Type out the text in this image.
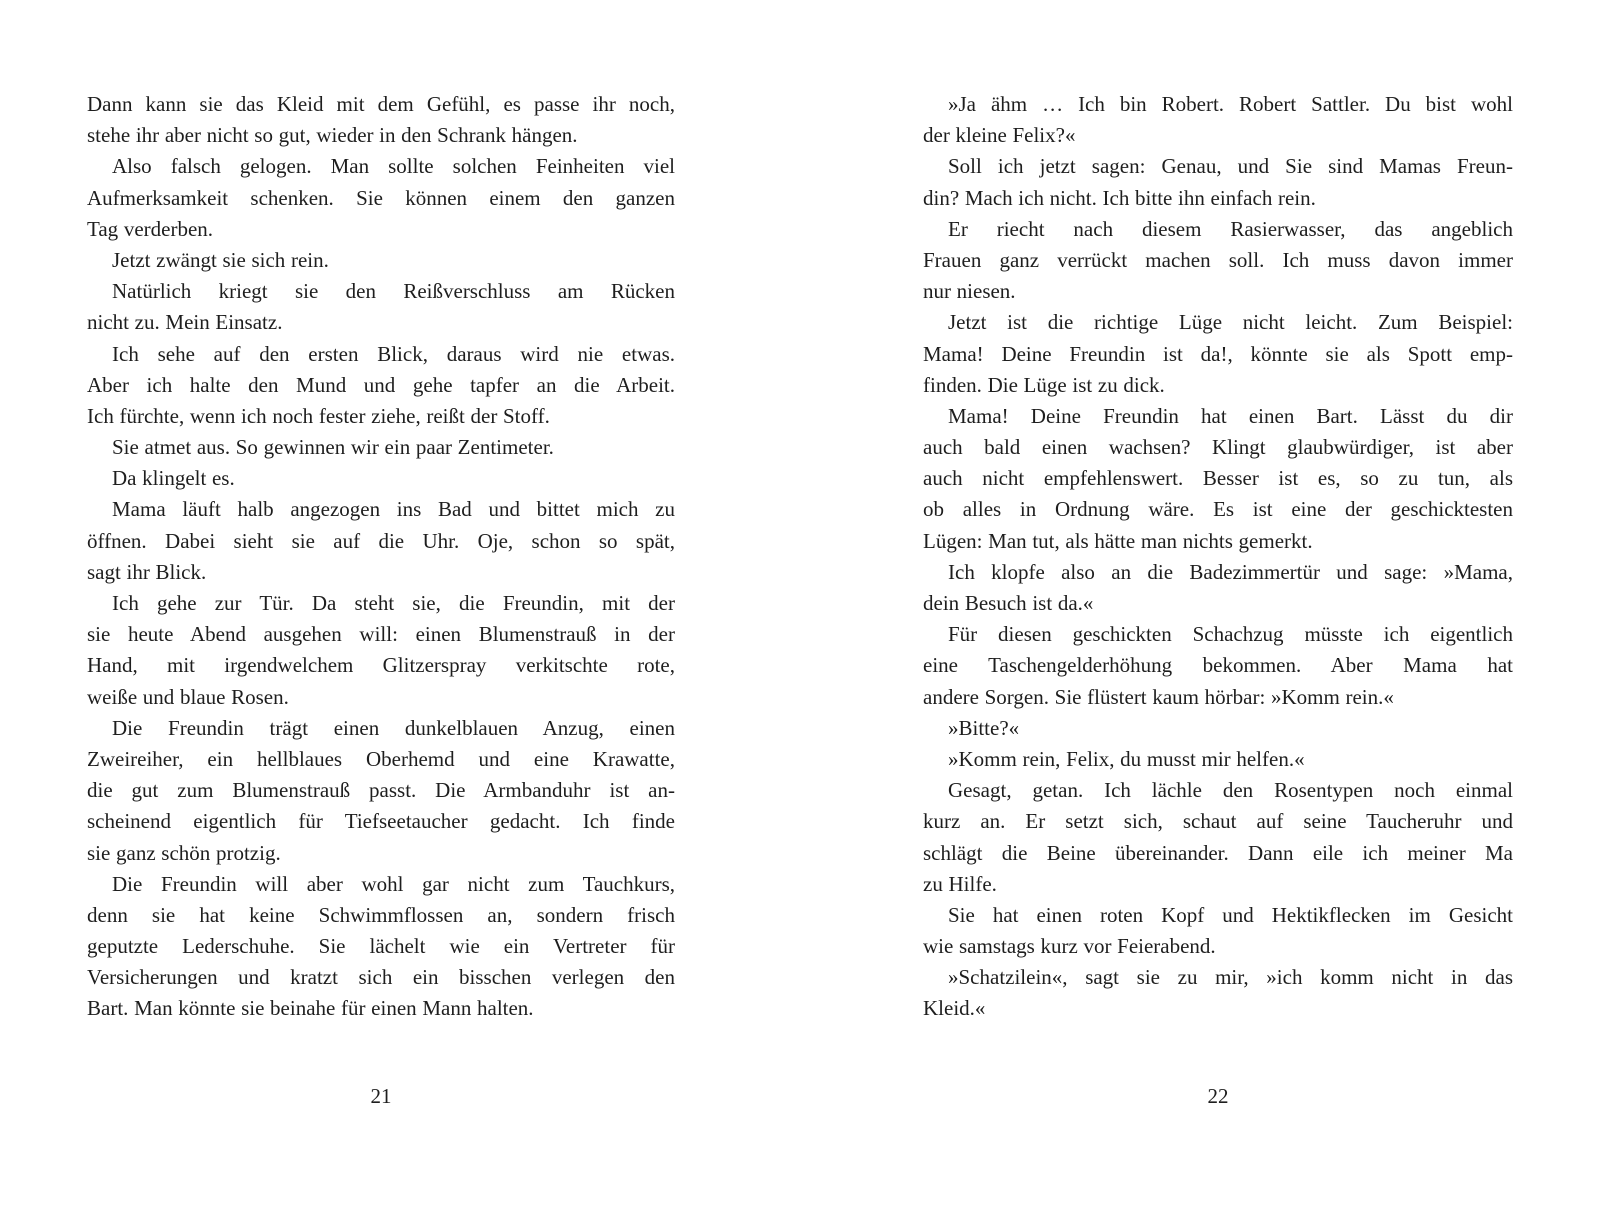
Dann kann sie das Kleid mit dem Gefühl, es passe ihr noch,
stehe ihr aber nicht so gut, wieder in den Schrank hängen.
Also falsch gelogen. Man sollte solchen Feinheiten viel
Aufmerksamkeit schenken. Sie können einem den ganzen
Tag verderben.
Jetzt zwängt sie sich rein.
Natürlich kriegt sie den Reißverschluss am Rücken
nicht zu. Mein Einsatz.
Ich sehe auf den ersten Blick, daraus wird nie etwas.
Aber ich halte den Mund und gehe tapfer an die Arbeit.
Ich fürchte, wenn ich noch fester ziehe, reißt der Stoff.
Sie atmet aus. So gewinnen wir ein paar Zentimeter.
Da klingelt es.
Mama läuft halb angezogen ins Bad und bittet mich zu
öffnen. Dabei sieht sie auf die Uhr. Oje, schon so spät,
sagt ihr Blick.
Ich gehe zur Tür. Da steht sie, die Freundin, mit der
sie heute Abend ausgehen will: einen Blumenstrauß in der
Hand, mit irgendwelchem Glitzerspray verkitschte rote,
weiße und blaue Rosen.
Die Freundin trägt einen dunkelblauen Anzug, einen
Zweireiher, ein hellblaues Oberhemd und eine Krawatte,
die gut zum Blumenstrauß passt. Die Armbanduhr ist an-
scheinend eigentlich für Tiefseetaucher gedacht. Ich finde
sie ganz schön protzig.
Die Freundin will aber wohl gar nicht zum Tauchkurs,
denn sie hat keine Schwimmflossen an, sondern frisch
geputzte Lederschuhe. Sie lächelt wie ein Vertreter für
Versicherungen und kratzt sich ein bisschen verlegen den
Bart. Man könnte sie beinahe für einen Mann halten.
21
»Ja ähm … Ich bin Robert. Robert Sattler. Du bist wohl
der kleine Felix?«
Soll ich jetzt sagen: Genau, und Sie sind Mamas Freun-
din? Mach ich nicht. Ich bitte ihn einfach rein.
Er riecht nach diesem Rasierwasser, das angeblich
Frauen ganz verrückt machen soll. Ich muss davon immer
nur niesen.
Jetzt ist die richtige Lüge nicht leicht. Zum Beispiel:
Mama! Deine Freundin ist da!, könnte sie als Spott emp-
finden. Die Lüge ist zu dick.
Mama! Deine Freundin hat einen Bart. Lässt du dir
auch bald einen wachsen? Klingt glaubwürdiger, ist aber
auch nicht empfehlenswert. Besser ist es, so zu tun, als
ob alles in Ordnung wäre. Es ist eine der geschicktesten
Lügen: Man tut, als hätte man nichts gemerkt.
Ich klopfe also an die Badezimmertür und sage: »Mama,
dein Besuch ist da.«
Für diesen geschickten Schachzug müsste ich eigentlich
eine Taschengelderhöhung bekommen. Aber Mama hat
andere Sorgen. Sie flüstert kaum hörbar: »Komm rein.«
»Bitte?«
»Komm rein, Felix, du musst mir helfen.«
Gesagt, getan. Ich lächle den Rosentypen noch einmal
kurz an. Er setzt sich, schaut auf seine Taucheruhr und
schlägt die Beine übereinander. Dann eile ich meiner Ma
zu Hilfe.
Sie hat einen roten Kopf und Hektikflecken im Gesicht
wie samstags kurz vor Feierabend.
»Schatzilein«, sagt sie zu mir, »ich komm nicht in das
Kleid.«
22
